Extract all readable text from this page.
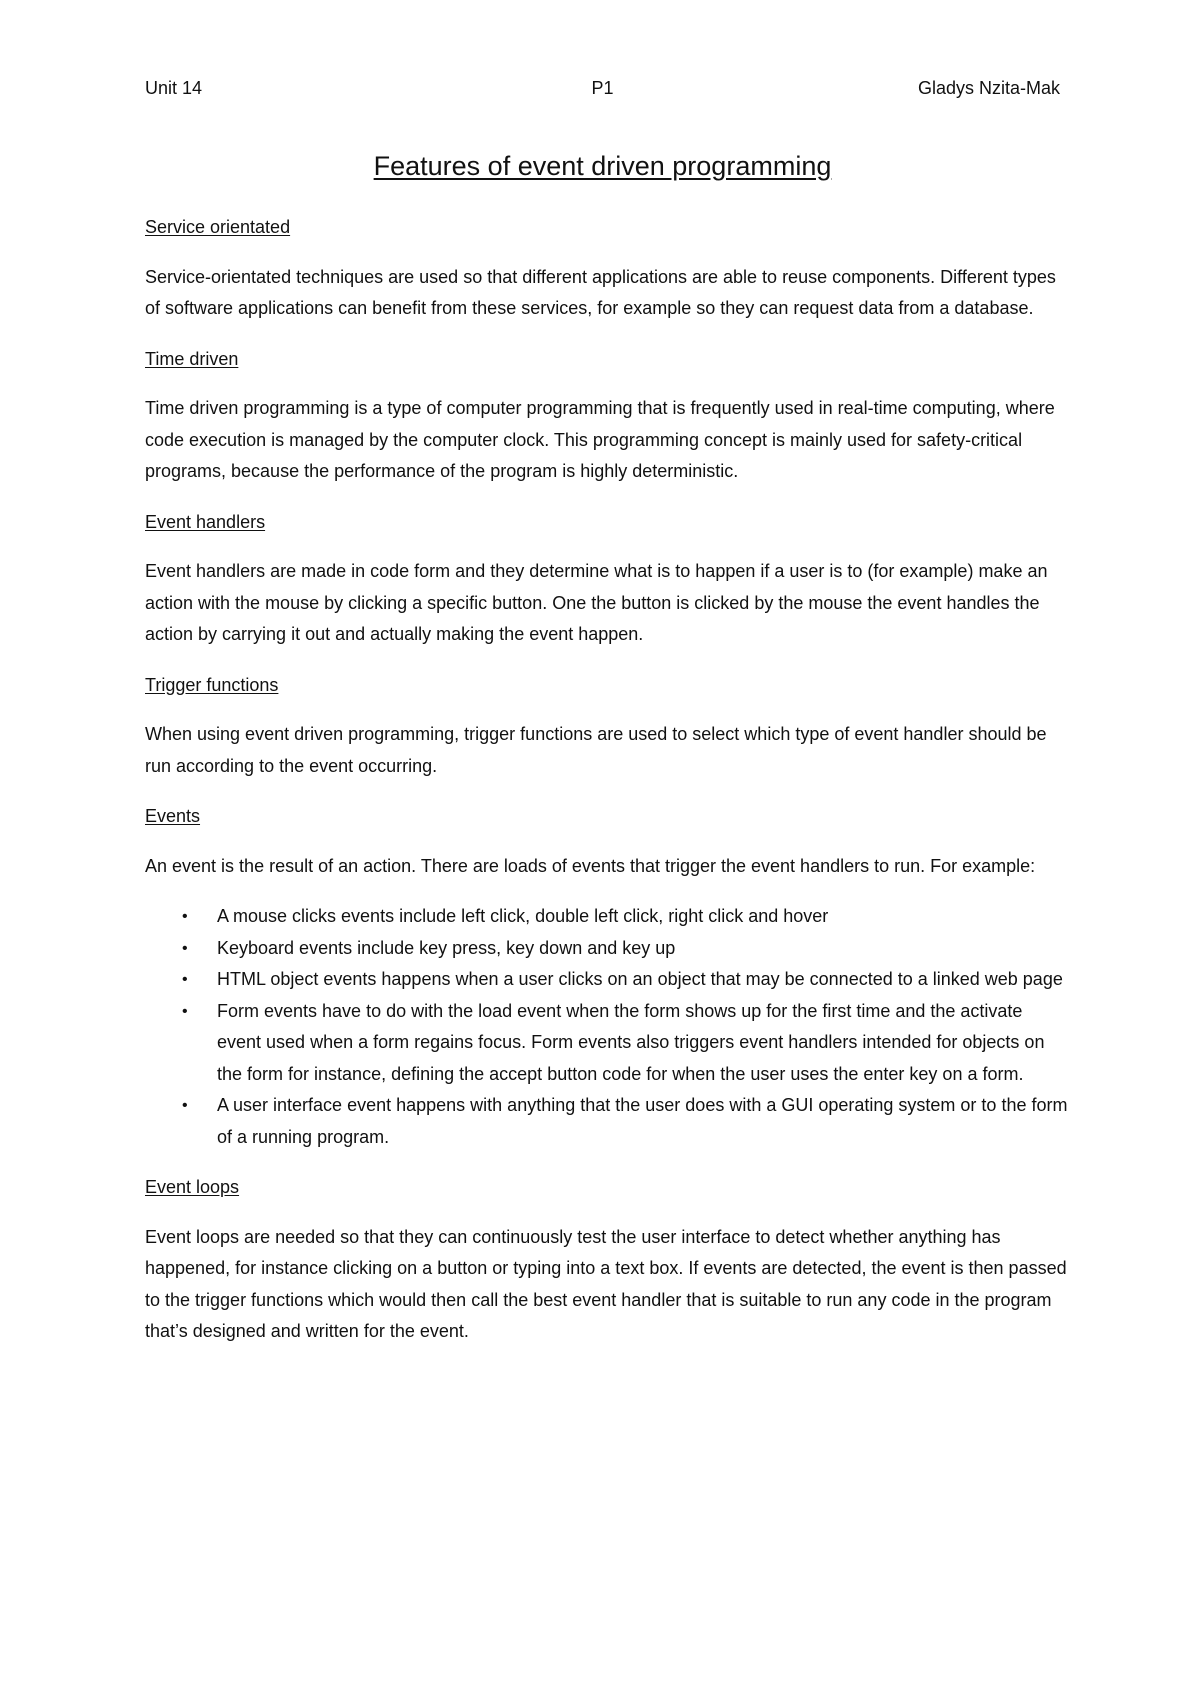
Unit 14	P1	Gladys Nzita-Mak
Features of event driven programming
Service orientated

Service-orientated techniques are used so that different applications are able to reuse components. Different types of software applications can benefit from these services, for example so they can request data from a database.

Time driven

Time driven programming is a type of computer programming that is frequently used in real-time computing, where code execution is managed by the computer clock. This programming concept is mainly used for safety-critical programs, because the performance of the program is highly deterministic.

Event handlers

Event handlers are made in code form and they determine what is to happen if a user is to (for example) make an action with the mouse by clicking a specific button. One the button is clicked by the mouse the event handles the action by carrying it out and actually making the event happen.

Trigger functions

When using event driven programming, trigger functions are used to select which type of event handler should be run according to the event occurring.

Events

An event is the result of an action. There are loads of events that trigger the event handlers to run. For example:

• A mouse clicks events include left click, double left click, right click and hover
• Keyboard events include key press, key down and key up
• HTML object events happens when a user clicks on an object that may be connected to a linked web page
• Form events have to do with the load event when the form shows up for the first time and the activate event used when a form regains focus. Form events also triggers event handlers intended for objects on the form for instance, defining the accept button code for when the user uses the enter key on a form.
• A user interface event happens with anything that the user does with a GUI operating system or to the form of a running program.
Event loops

Event loops are needed so that they can continuously test the user interface to detect whether anything has happened, for instance clicking on a button or typing into a text box. If events are detected, the event is then passed to the trigger functions which would then call the best event handler that is suitable to run any code in the program that’s designed and written for the event.
